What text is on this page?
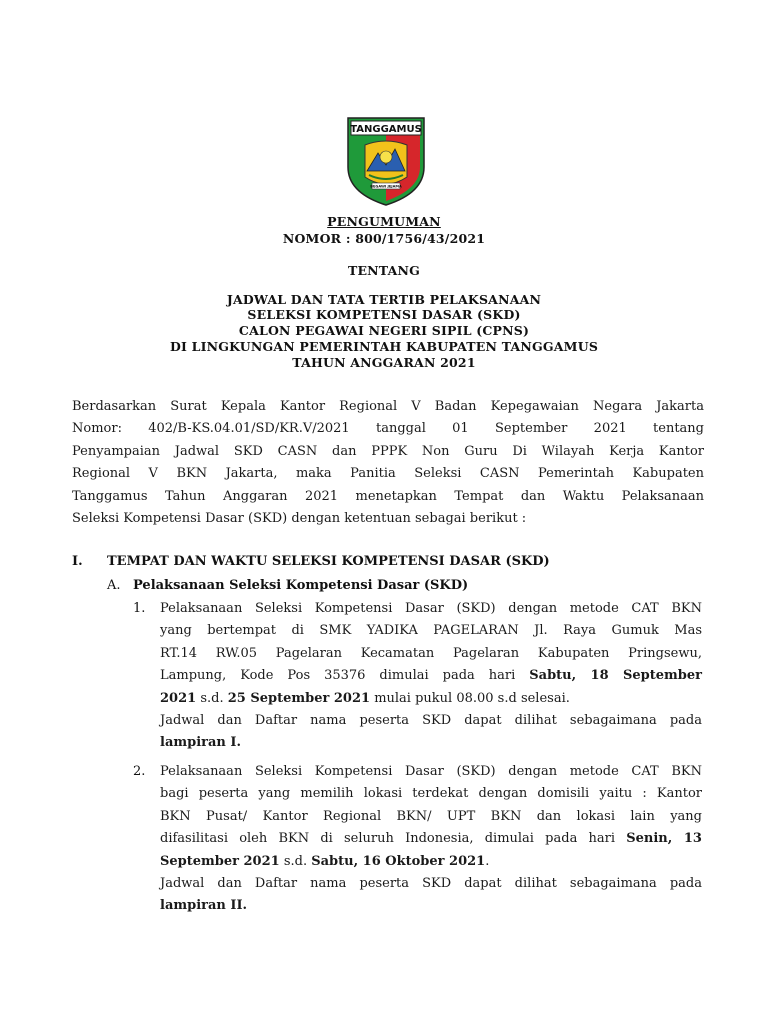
TANGGAMUS
BEGAWI JEJAMA
PENGUMUMAN
NOMOR : 800/1756/43/2021
TENTANG
JADWAL DAN TATA TERTIB PELAKSANAAN
SELEKSI KOMPETENSI DASAR (SKD)
CALON PEGAWAI NEGERI SIPIL (CPNS)
DI LINGKUNGAN PEMERINTAH KABUPATEN TANGGAMUS
TAHUN ANGGARAN 2021
Berdasarkan Surat Kepala Kantor Regional V Badan Kepegawaian Negara Jakarta
Nomor: 402/B-KS.04.01/SD/KR.V/2021 tanggal 01 September 2021 tentang
Penyampaian Jadwal SKD CASN dan PPPK Non Guru Di Wilayah Kerja Kantor
Regional V BKN Jakarta, maka Panitia Seleksi CASN Pemerintah Kabupaten
Tanggamus Tahun Anggaran 2021 menetapkan Tempat dan Waktu Pelaksanaan
Seleksi Kompetensi Dasar (SKD) dengan ketentuan sebagai berikut :
I. TEMPAT DAN WAKTU SELEKSI KOMPETENSI DASAR (SKD)
A. Pelaksanaan Seleksi Kompetensi Dasar (SKD)
1. Pelaksanaan Seleksi Kompetensi Dasar (SKD) dengan metode CAT BKN
yang bertempat di SMK YADIKA PAGELARAN Jl. Raya Gumuk Mas
RT.14 RW.05 Pagelaran Kecamatan Pagelaran Kabupaten Pringsewu,
Lampung, Kode Pos 35376 dimulai pada hari Sabtu, 18 September
2021 s.d. 25 September 2021 mulai pukul 08.00 s.d selesai.
Jadwal dan Daftar nama peserta SKD dapat dilihat sebagaimana pada
lampiran I.
2. Pelaksanaan Seleksi Kompetensi Dasar (SKD) dengan metode CAT BKN
bagi peserta yang memilih lokasi terdekat dengan domisili yaitu : Kantor
BKN Pusat/ Kantor Regional BKN/ UPT BKN dan lokasi lain yang
difasilitasi oleh BKN di seluruh Indonesia, dimulai pada hari Senin, 13
September 2021 s.d. Sabtu, 16 Oktober 2021.
Jadwal dan Daftar nama peserta SKD dapat dilihat sebagaimana pada
lampiran II.
